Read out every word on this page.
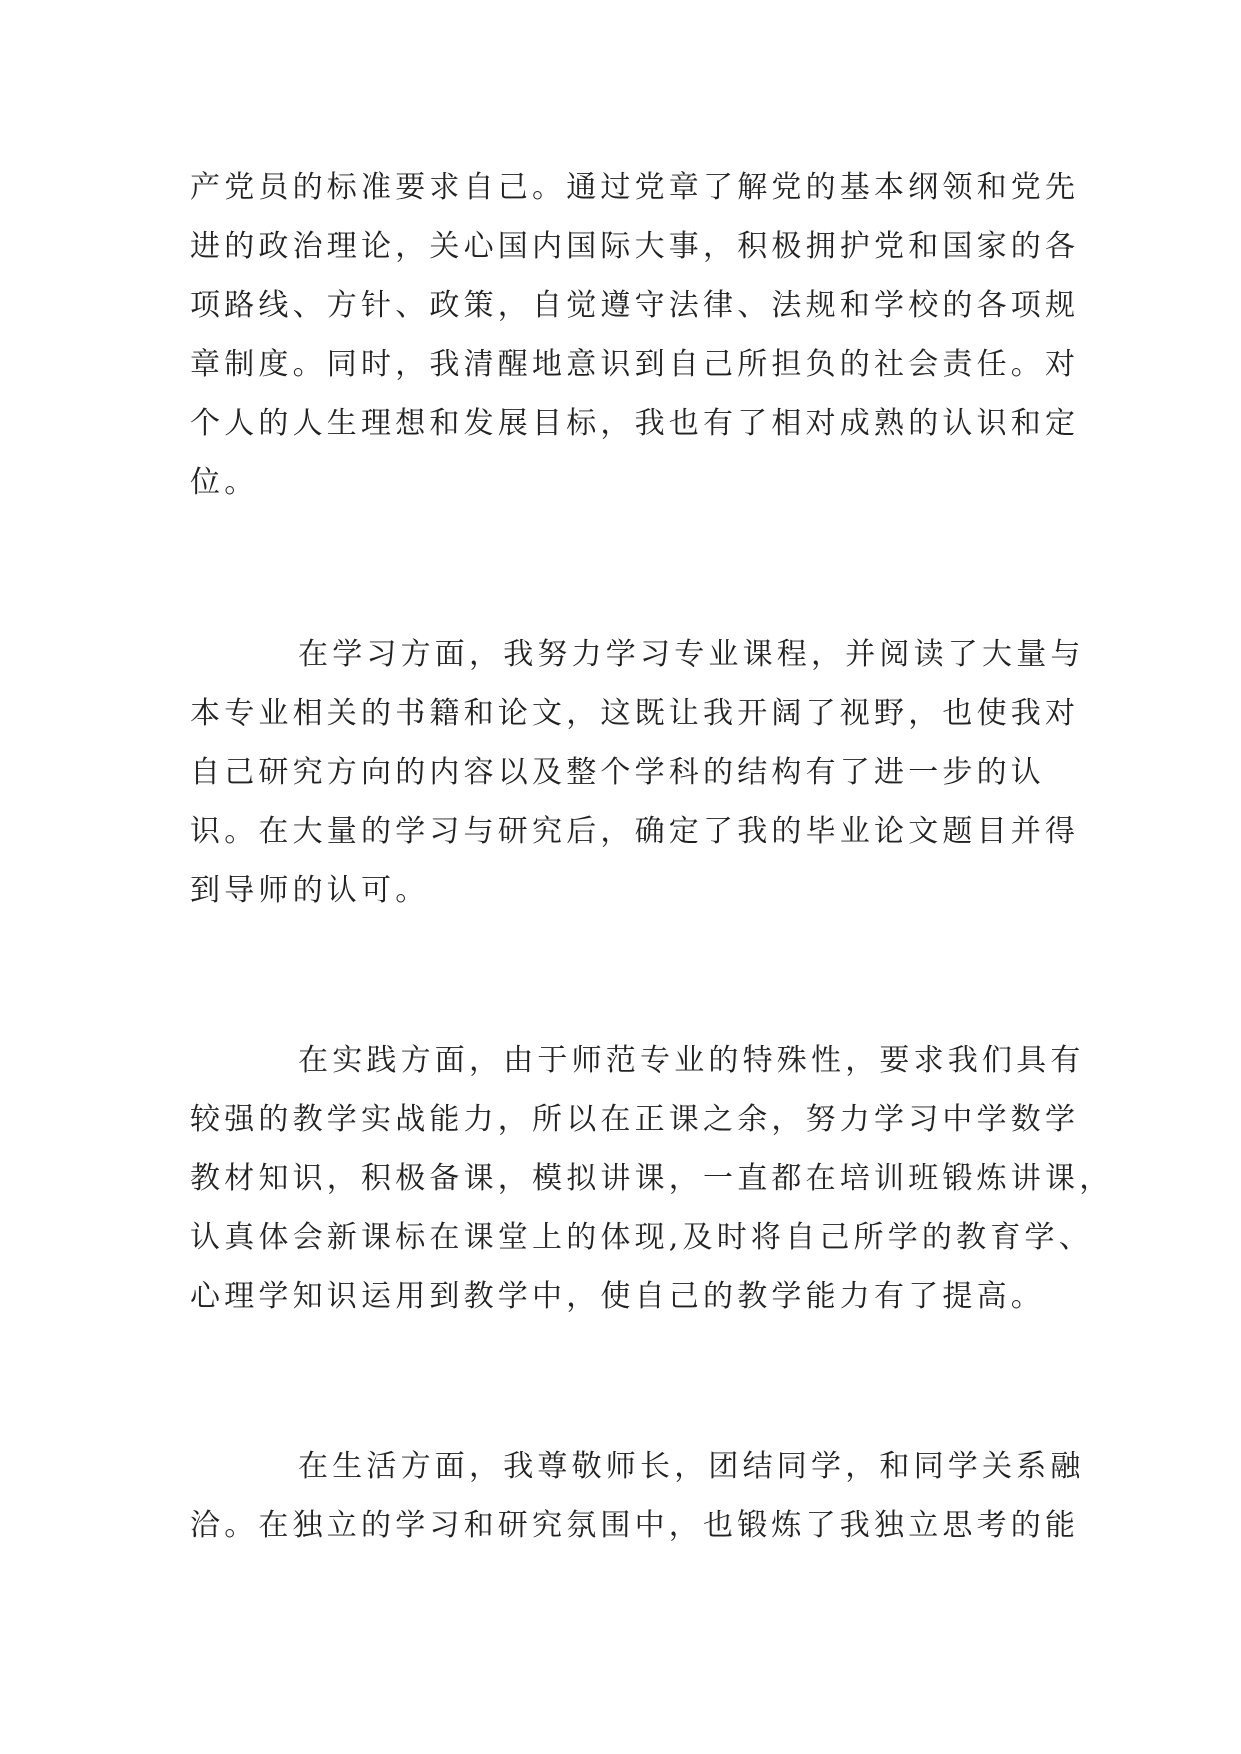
产党员的标准要求自己。通过党章了解党的基本纲领和党先
进的政治理论，关心国内国际大事，积极拥护党和国家的各
项路线、方针、政策，自觉遵守法律、法规和学校的各项规
章制度。同时，我清醒地意识到自己所担负的社会责任。对
个人的人生理想和发展目标，我也有了相对成熟的认识和定
位。
在学习方面，我努力学习专业课程，并阅读了大量与
本专业相关的书籍和论文，这既让我开阔了视野，也使我对
自己研究方向的内容以及整个学科的结构有了进一步的认
识。在大量的学习与研究后，确定了我的毕业论文题目并得
到导师的认可。
在实践方面，由于师范专业的特殊性，要求我们具有
较强的教学实战能力，所以在正课之余，努力学习中学数学
教材知识，积极备课，模拟讲课，一直都在培训班锻炼讲课，
认真体会新课标在课堂上的体现,及时将自己所学的教育学、
心理学知识运用到教学中，使自己的教学能力有了提高。
在生活方面，我尊敬师长，团结同学，和同学关系融
洽。在独立的学习和研究氛围中，也锻炼了我独立思考的能
